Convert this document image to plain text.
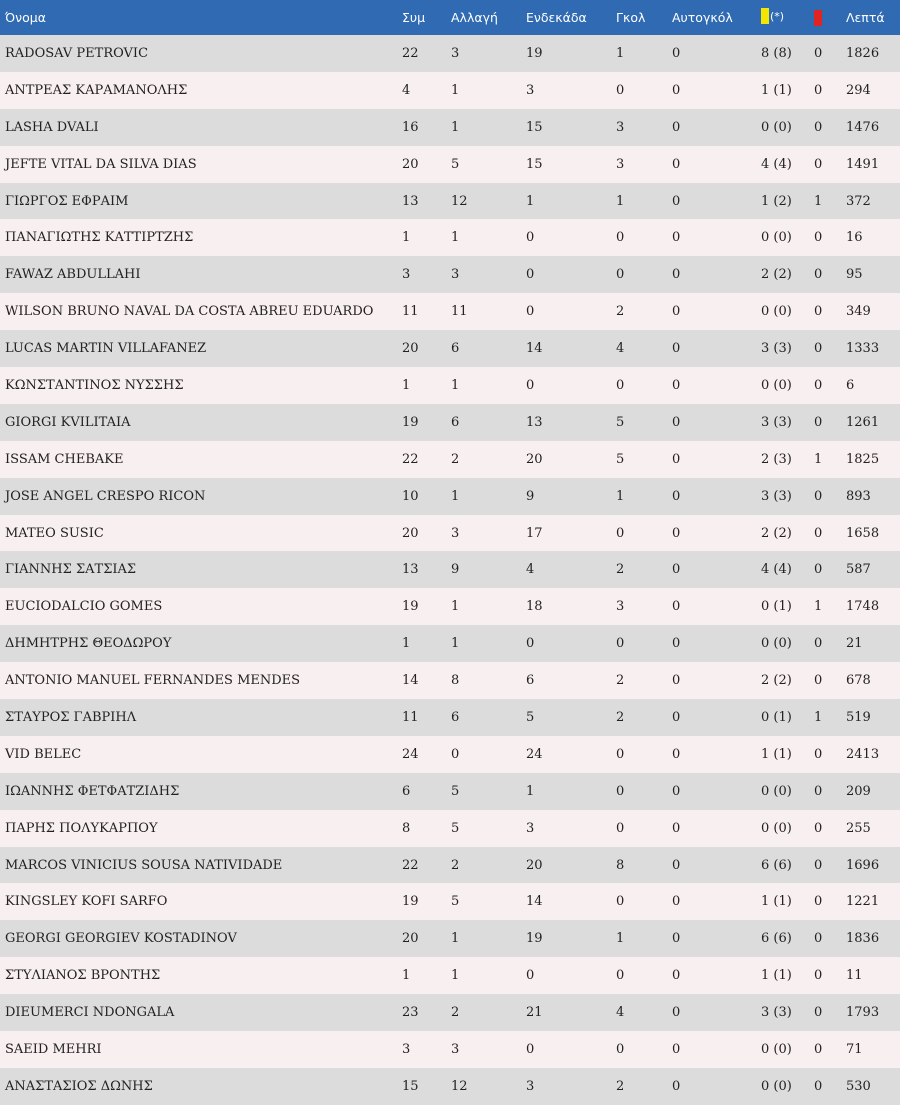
Όνομα	Συμ	Αλλαγή	Ενδεκάδα	Γκολ	Αυτογκόλ	(*)		Λεπτά
RADOSAV PETROVIC	22	3	19	1	0	8 (8)	0	1826
ΑΝΤΡΕΑΣ ΚΑΡΑΜΑΝΟΛΗΣ	4	1	3	0	0	1 (1)	0	294
LASHA DVALI	16	1	15	3	0	0 (0)	0	1476
JEFTE VITAL DA SILVA DIAS	20	5	15	3	0	4 (4)	0	1491
ΓΙΩΡΓΟΣ ΕΦΡΑΙΜ	13	12	1	1	0	1 (2)	1	372
ΠΑΝΑΓΙΩΤΗΣ ΚΑΤΤΙΡΤΖΗΣ	1	1	0	0	0	0 (0)	0	16
FAWAZ ABDULLAHI	3	3	0	0	0	2 (2)	0	95
WILSON BRUNO NAVAL DA COSTA ABREU EDUARDO	11	11	0	2	0	0 (0)	0	349
LUCAS MARTIN VILLAFANEZ	20	6	14	4	0	3 (3)	0	1333
ΚΩΝΣΤΑΝΤΙΝΟΣ ΝΥΣΣΗΣ	1	1	0	0	0	0 (0)	0	6
GIORGI KVILITAIA	19	6	13	5	0	3 (3)	0	1261
ISSAM CHEBAKE	22	2	20	5	0	2 (3)	1	1825
JOSE ANGEL CRESPO RICON	10	1	9	1	0	3 (3)	0	893
MATEO SUSIC	20	3	17	0	0	2 (2)	0	1658
ΓΙΑΝΝΗΣ ΣΑΤΣΙΑΣ	13	9	4	2	0	4 (4)	0	587
EUCIODALCIO GOMES	19	1	18	3	0	0 (1)	1	1748
ΔΗΜΗΤΡΗΣ ΘΕΟΔΩΡΟΥ	1	1	0	0	0	0 (0)	0	21
ANTONIO MANUEL FERNANDES MENDES	14	8	6	2	0	2 (2)	0	678
ΣΤΑΥΡΟΣ ΓΑΒΡΙΗΛ	11	6	5	2	0	0 (1)	1	519
VID BELEC	24	0	24	0	0	1 (1)	0	2413
ΙΩΑΝΝΗΣ ΦΕΤΦΑΤΖΙΔΗΣ	6	5	1	0	0	0 (0)	0	209
ΠΑΡΗΣ ΠΟΛΥΚΑΡΠΟΥ	8	5	3	0	0	0 (0)	0	255
MARCOS VINICIUS SOUSA NATIVIDADE	22	2	20	8	0	6 (6)	0	1696
KINGSLEY KOFI SARFO	19	5	14	0	0	1 (1)	0	1221
GEORGI GEORGIEV KOSTADINOV	20	1	19	1	0	6 (6)	0	1836
ΣΤΥΛΙΑΝΟΣ ΒΡΟΝΤΗΣ	1	1	0	0	0	1 (1)	0	11
DIEUMERCI NDONGALA	23	2	21	4	0	3 (3)	0	1793
SAEID MEHRI	3	3	0	0	0	0 (0)	0	71
ΑΝΑΣΤΑΣΙΟΣ ΔΩΝΗΣ	15	12	3	2	0	0 (0)	0	530
